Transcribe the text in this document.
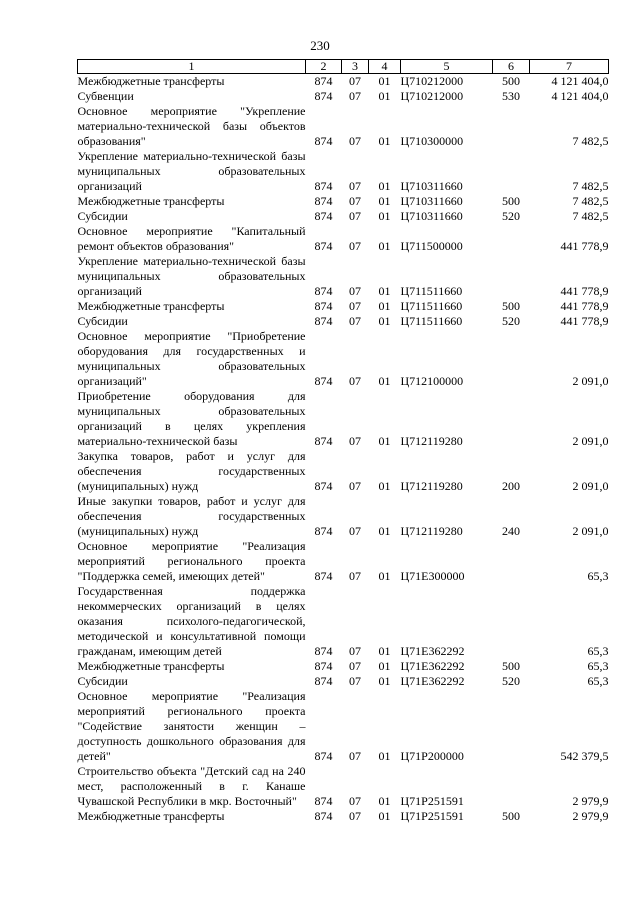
230
1	2	3	4	5	6	7
Межбюджетные трансферты	874	07	01	Ц710212000	500	4 121 404,0
Субвенции	874	07	01	Ц710212000	530	4 121 404,0
Основное мероприятие "Укрепление материально-технической базы объектов образования"	874	07	01	Ц710300000		7 482,5
Укрепление материально-технической базы муниципальных образовательных организаций	874	07	01	Ц710311660		7 482,5
Межбюджетные трансферты	874	07	01	Ц710311660	500	7 482,5
Субсидии	874	07	01	Ц710311660	520	7 482,5
Основное мероприятие "Капитальный ремонт объектов образования"	874	07	01	Ц711500000		441 778,9
Укрепление материально-технической базы муниципальных образовательных организаций	874	07	01	Ц711511660		441 778,9
Межбюджетные трансферты	874	07	01	Ц711511660	500	441 778,9
Субсидии	874	07	01	Ц711511660	520	441 778,9
Основное мероприятие "Приобретение оборудования для государственных и муниципальных образовательных организаций"	874	07	01	Ц712100000		2 091,0
Приобретение оборудования для муниципальных образовательных организаций в целях укрепления материально-технической базы	874	07	01	Ц712119280		2 091,0
Закупка товаров, работ и услуг для обеспечения государственных (муниципальных) нужд	874	07	01	Ц712119280	200	2 091,0
Иные закупки товаров, работ и услуг для обеспечения государственных (муниципальных) нужд	874	07	01	Ц712119280	240	2 091,0
Основное мероприятие "Реализация мероприятий регионального проекта "Поддержка семей, имеющих детей"	874	07	01	Ц71Е300000		65,3
Государственная поддержка некоммерческих организаций в целях оказания психолого-педагогической, методической и консультативной помощи гражданам, имеющим детей	874	07	01	Ц71Е362292		65,3
Межбюджетные трансферты	874	07	01	Ц71Е362292	500	65,3
Субсидии	874	07	01	Ц71Е362292	520	65,3
Основное мероприятие "Реализация мероприятий регионального проекта "Содействие занятости женщин – доступность дошкольного образования для детей"	874	07	01	Ц71Р200000		542 379,5
Строительство объекта "Детский сад на 240 мест, расположенный в г. Канаше Чувашской Республики в мкр. Восточный"	874	07	01	Ц71Р251591		2 979,9
Межбюджетные трансферты	874	07	01	Ц71Р251591	500	2 979,9
